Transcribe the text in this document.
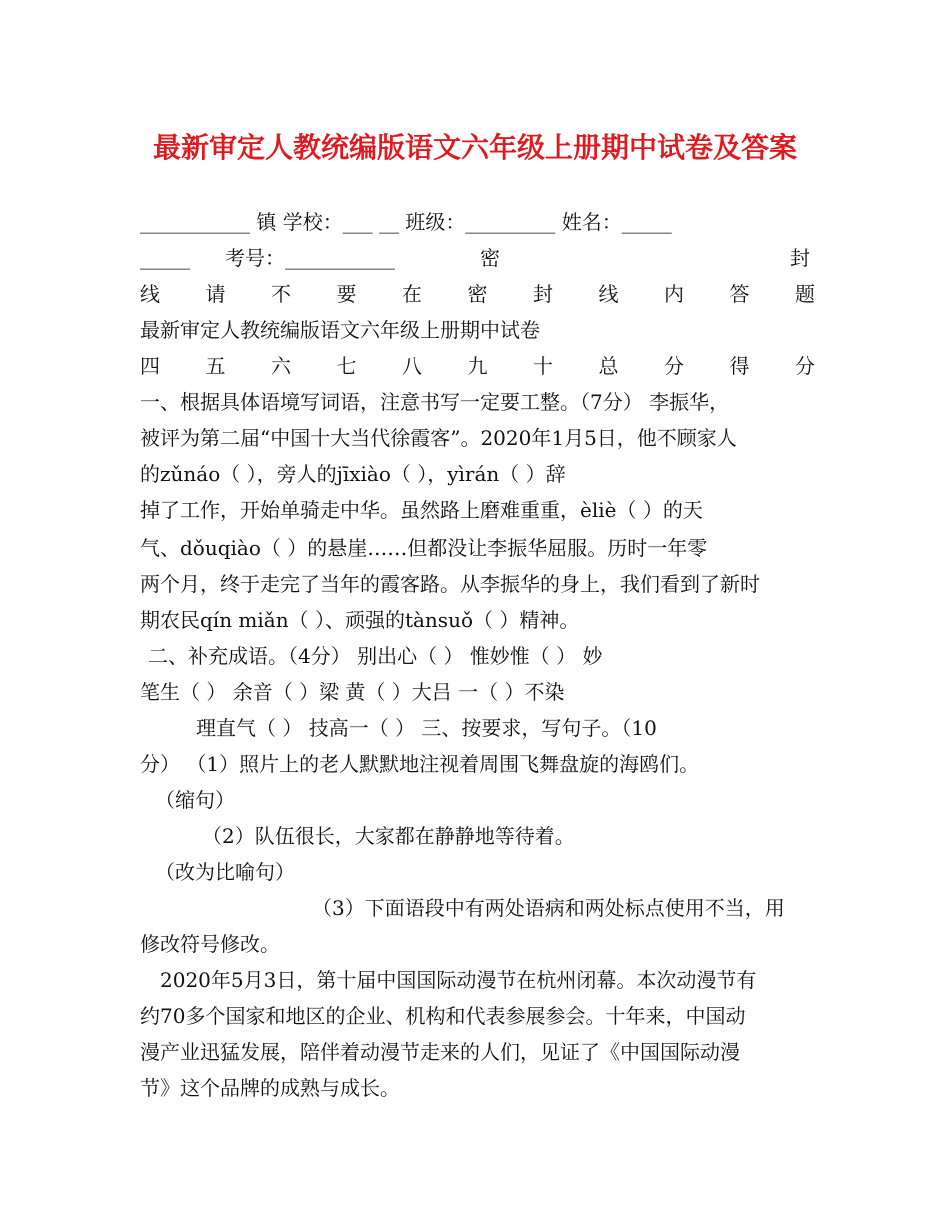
最新审定人教统编版语文六年级上册期中试卷及答案
___________ 镇 学校：___ __ 班级：_________ 姓名：_____
_____ 考号：___________	密	封
线 请 不 要 在 密 封 线 内 答 题
最新审定人教统编版语文六年级上册期中试卷
四 五 六 七 八 九 十 总 分 得 分
一、根据具体语境写词语，注意书写一定要工整。（7分） 李振华，
被评为第二届“中国十大当代徐霞客”。2020年1月5日，他不顾家人
的zǔnáo（ ），旁人的jīxiào（ ），yìrán（ ）辞
掉了工作，开始单骑走中华。虽然路上磨难重重，èliè（ ）的天
气、dǒuqiào（ ）的悬崖……但都没让李振华屈服。历时一年零
两个月，终于走完了当年的霞客路。从李振华的身上，我们看到了新时
期农民qín miǎn（ ）、顽强的tànsuǒ（ ）精神。
二、补充成语。（4分） 别出心（ ） 惟妙惟（ ） 妙
笔生（ ） 余音（ ）梁 黄（ ）大吕 一（ ）不染
理直气（ ） 技高一（ ） 三、按要求，写句子。（10
分） （1）照片上的老人默默地注视着周围飞舞盘旋的海鸥们。
（缩句）
（2）队伍很长，大家都在静静地等待着。
（改为比喻句）
（3）下面语段中有两处语病和两处标点使用不当，用
修改符号修改。
2020年5月3日，第十届中国国际动漫节在杭州闭幕。本次动漫节有
约70多个国家和地区的企业、机构和代表参展参会。十年来，中国动
漫产业迅猛发展，陪伴着动漫节走来的人们，见证了《中国国际动漫
节》这个品牌的成熟与成长。
